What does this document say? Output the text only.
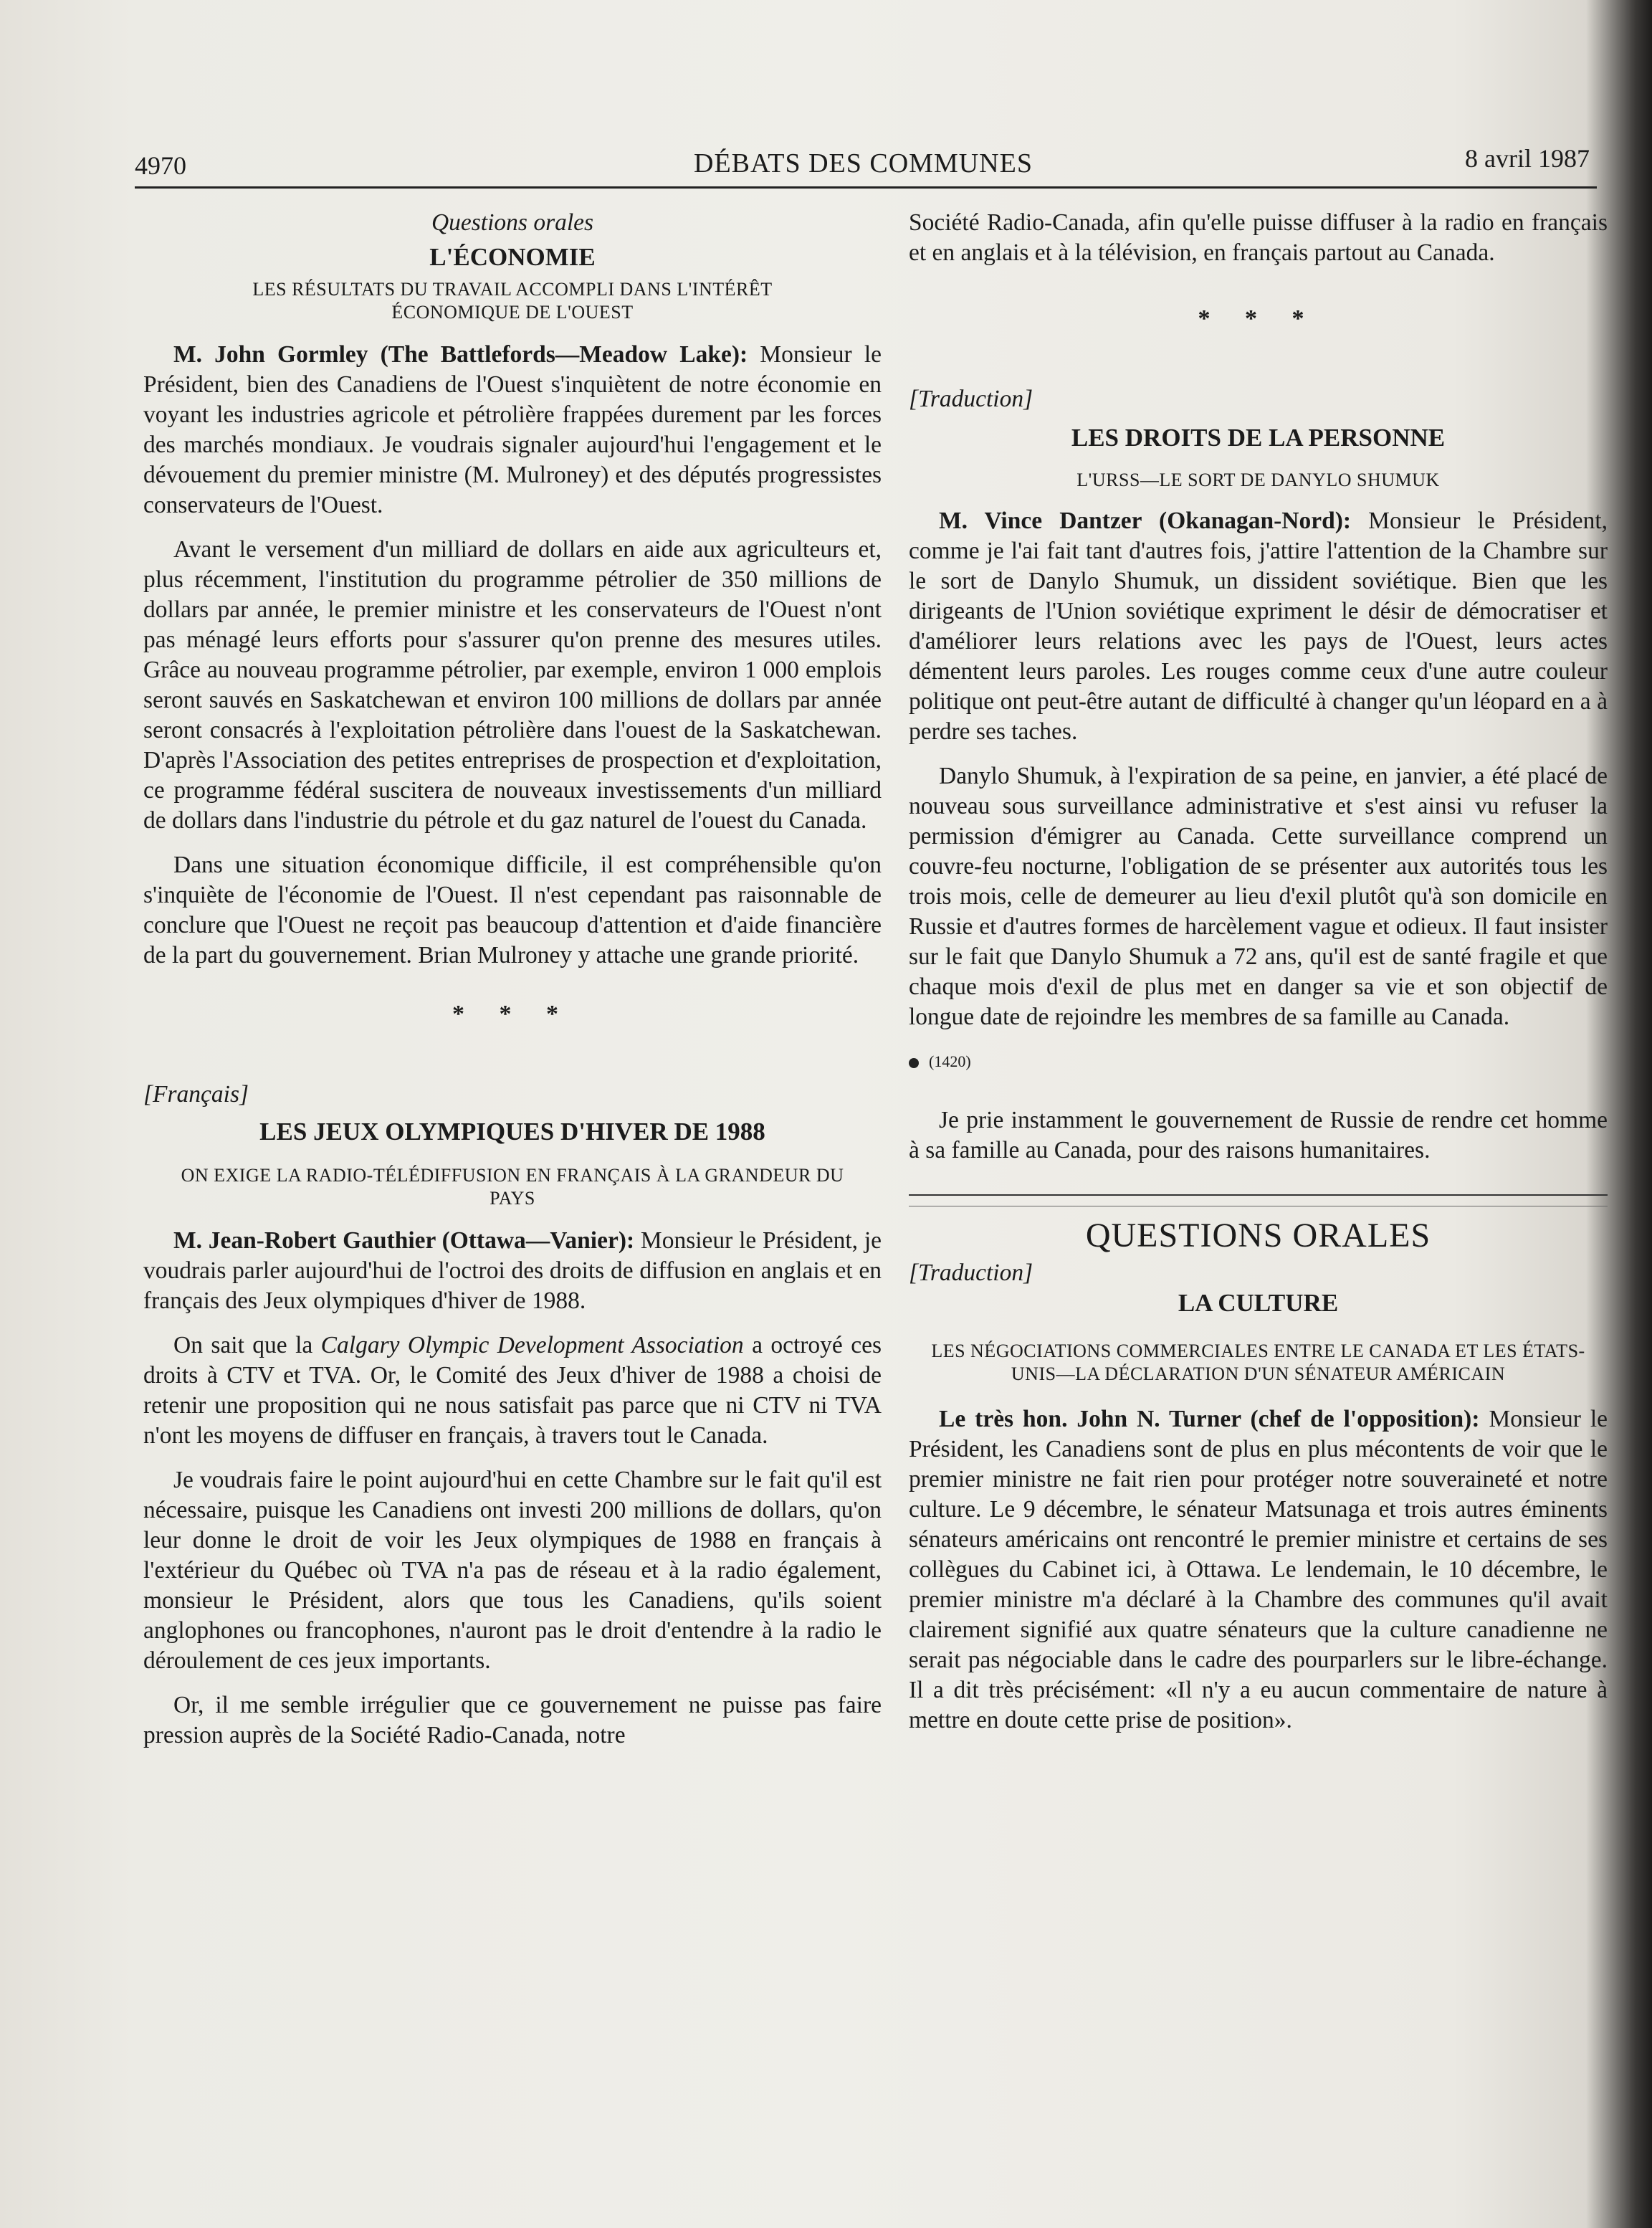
4970	DÉBATS DES COMMUNES	8 avril 1987
Questions orales
L'ÉCONOMIE
LES RÉSULTATS DU TRAVAIL ACCOMPLI DANS L'INTÉRÊT ÉCONOMIQUE DE L'OUEST

M. John Gormley (The Battlefords—Meadow Lake): Monsieur le Président, bien des Canadiens de l'Ouest s'inquiètent de notre économie en voyant les industries agricole et pétrolière frappées durement par les forces des marchés mondiaux. Je voudrais signaler aujourd'hui l'engagement et le dévouement du premier ministre (M. Mulroney) et des députés progressistes conservateurs de l'Ouest.

Avant le versement d'un milliard de dollars en aide aux agriculteurs et, plus récemment, l'institution du programme pétrolier de 350 millions de dollars par année, le premier ministre et les conservateurs de l'Ouest n'ont pas ménagé leurs efforts pour s'assurer qu'on prenne des mesures utiles. Grâce au nouveau programme pétrolier, par exemple, environ 1 000 emplois seront sauvés en Saskatchewan et environ 100 millions de dollars par année seront consacrés à l'exploitation pétrolière dans l'ouest de la Saskatchewan. D'après l'Association des petites entreprises de prospection et d'exploitation, ce programme fédéral suscitera de nouveaux investissements d'un milliard de dollars dans l'industrie du pétrole et du gaz naturel de l'ouest du Canada.

Dans une situation économique difficile, il est compréhensible qu'on s'inquiète de l'économie de l'Ouest. Il n'est cependant pas raisonnable de conclure que l'Ouest ne reçoit pas beaucoup d'attention et d'aide financière de la part du gouvernement. Brian Mulroney y attache une grande priorité.

* * *
[Français]
LES JEUX OLYMPIQUES D'HIVER DE 1988
ON EXIGE LA RADIO-TÉLÉDIFFUSION EN FRANÇAIS À LA GRANDEUR DU PAYS

M. Jean-Robert Gauthier (Ottawa—Vanier): Monsieur le Président, je voudrais parler aujourd'hui de l'octroi des droits de diffusion en anglais et en français des Jeux olympiques d'hiver de 1988.

On sait que la Calgary Olympic Development Association a octroyé ces droits à CTV et TVA. Or, le Comité des Jeux d'hiver de 1988 a choisi de retenir une proposition qui ne nous satisfait pas parce que ni CTV ni TVA n'ont les moyens de diffuser en français, à travers tout le Canada.

Je voudrais faire le point aujourd'hui en cette Chambre sur le fait qu'il est nécessaire, puisque les Canadiens ont investi 200 millions de dollars, qu'on leur donne le droit de voir les Jeux olympiques de 1988 en français à l'extérieur du Québec où TVA n'a pas de réseau et à la radio également, monsieur le Président, alors que tous les Canadiens, qu'ils soient anglophones ou francophones, n'auront pas le droit d'entendre à la radio le déroulement de ces jeux importants.

Or, il me semble irrégulier que ce gouvernement ne puisse pas faire pression auprès de la Société Radio-Canada, notre

Société Radio-Canada, afin qu'elle puisse diffuser à la radio en français et en anglais et à la télévision, en français partout au Canada.

* * *
[Traduction]
LES DROITS DE LA PERSONNE
L'URSS—LE SORT DE DANYLO SHUMUK

M. Vince Dantzer (Okanagan-Nord): Monsieur le Président, comme je l'ai fait tant d'autres fois, j'attire l'attention de la Chambre sur le sort de Danylo Shumuk, un dissident soviétique. Bien que les dirigeants de l'Union soviétique expriment le désir de démocratiser et d'améliorer leurs relations avec les pays de l'Ouest, leurs actes démentent leurs paroles. Les rouges comme ceux d'une autre couleur politique ont peut-être autant de difficulté à changer qu'un léopard en a à perdre ses taches.

Danylo Shumuk, à l'expiration de sa peine, en janvier, a été placé de nouveau sous surveillance administrative et s'est ainsi vu refuser la permission d'émigrer au Canada. Cette surveillance comprend un couvre-feu nocturne, l'obligation de se présenter aux autorités tous les trois mois, celle de demeurer au lieu d'exil plutôt qu'à son domicile en Russie et d'autres formes de harcèlement vague et odieux. Il faut insister sur le fait que Danylo Shumuk a 72 ans, qu'il est de santé fragile et que chaque mois d'exil de plus met en danger sa vie et son objectif de longue date de rejoindre les membres de sa famille au Canada.

(1420)

Je prie instamment le gouvernement de Russie de rendre cet homme à sa famille au Canada, pour des raisons humanitaires.

QUESTIONS ORALES
[Traduction]
LA CULTURE
LES NÉGOCIATIONS COMMERCIALES ENTRE LE CANADA ET LES ÉTATS-UNIS—LA DÉCLARATION D'UN SÉNATEUR AMÉRICAIN

Le très hon. John N. Turner (chef de l'opposition): Monsieur le Président, les Canadiens sont de plus en plus mécontents de voir que le premier ministre ne fait rien pour protéger notre souveraineté et notre culture. Le 9 décembre, le sénateur Matsunaga et trois autres éminents sénateurs américains ont rencontré le premier ministre et certains de ses collègues du Cabinet ici, à Ottawa. Le lendemain, le 10 décembre, le premier ministre m'a déclaré à la Chambre des communes qu'il avait clairement signifié aux quatre sénateurs que la culture canadienne ne serait pas négociable dans le cadre des pourparlers sur le libre-échange. Il a dit très précisément: «Il n'y a eu aucun commentaire de nature à mettre en doute cette prise de position».
